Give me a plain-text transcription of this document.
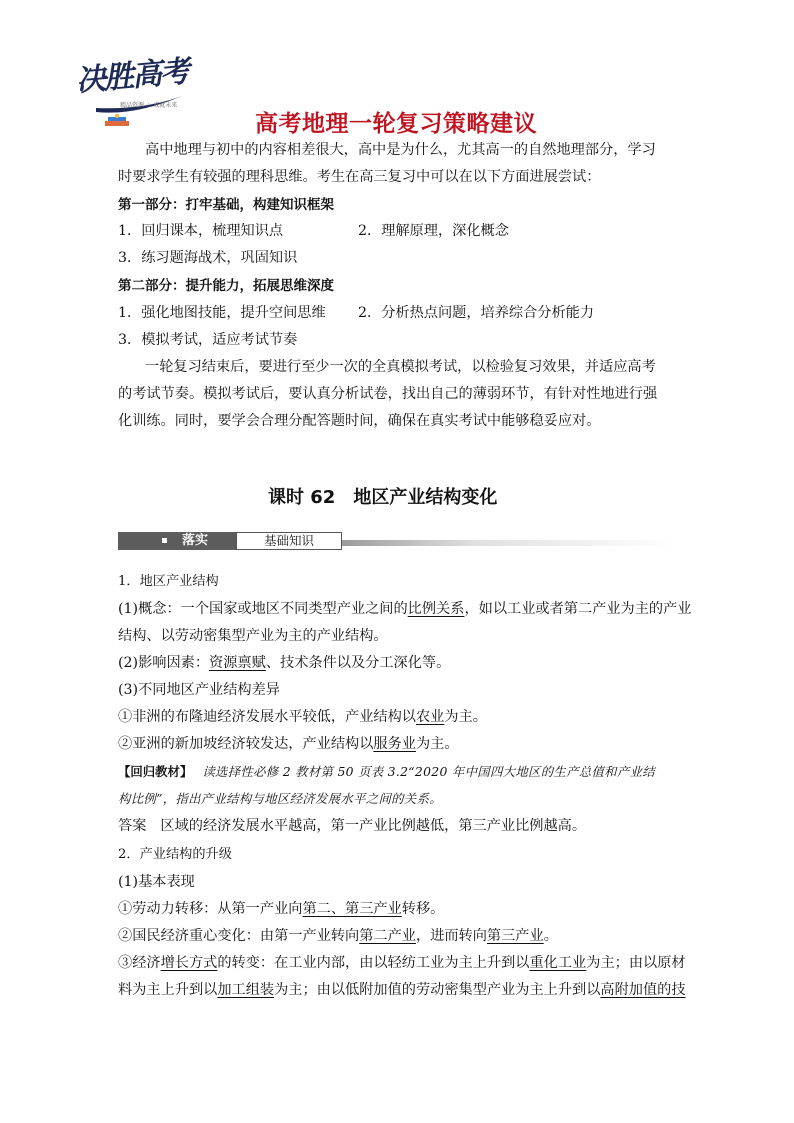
决胜高考
精品资源 ☆ 成就未来
高考地理一轮复习策略建议
高中地理与初中的内容相差很大，高中是为什么，尤其高一的自然地理部分，学习
时要求学生有较强的理科思维。考生在高三复习中可以在以下方面进展尝试：
第一部分：打牢基础，构建知识框架
1．回归课本，梳理知识点	2．理解原理，深化概念
3．练习题海战术，巩固知识
第二部分：提升能力，拓展思维深度
1．强化地图技能，提升空间思维 2．分析热点问题，培养综合分析能力
3．模拟考试，适应考试节奏
一轮复习结束后，要进行至少一次的全真模拟考试，以检验复习效果，并适应高考
的考试节奏。模拟考试后，要认真分析试卷，找出自己的薄弱环节，有针对性地进行强
化训练。同时，要学会合理分配答题时间，确保在真实考试中能够稳妥应对。
课时 62　地区产业结构变化
落实	基础知识
1．地区产业结构
(1)概念：一个国家或地区不同类型产业之间的比例关系，如以工业或者第二产业为主的产业
结构、以劳动密集型产业为主的产业结构。
(2)影响因素：资源禀赋、技术条件以及分工深化等。
(3)不同地区产业结构差异
①非洲的布隆迪经济发展水平较低，产业结构以农业为主。
②亚洲的新加坡经济较发达，产业结构以服务业为主。
【回归教材】 读选择性必修 2 教材第 50 页表 3.2“2020 年中国四大地区的生产总值和产业结
构比例”，指出产业结构与地区经济发展水平之间的关系。
答案 区域的经济发展水平越高，第一产业比例越低，第三产业比例越高。
2．产业结构的升级
(1)基本表现
①劳动力转移：从第一产业向第二、第三产业转移。
②国民经济重心变化：由第一产业转向第二产业，进而转向第三产业。
③经济增长方式的转变：在工业内部，由以轻纺工业为主上升到以重化工业为主；由以原材
料为主上升到以加工组装为主；由以低附加值的劳动密集型产业为主上升到以高附加值的技
